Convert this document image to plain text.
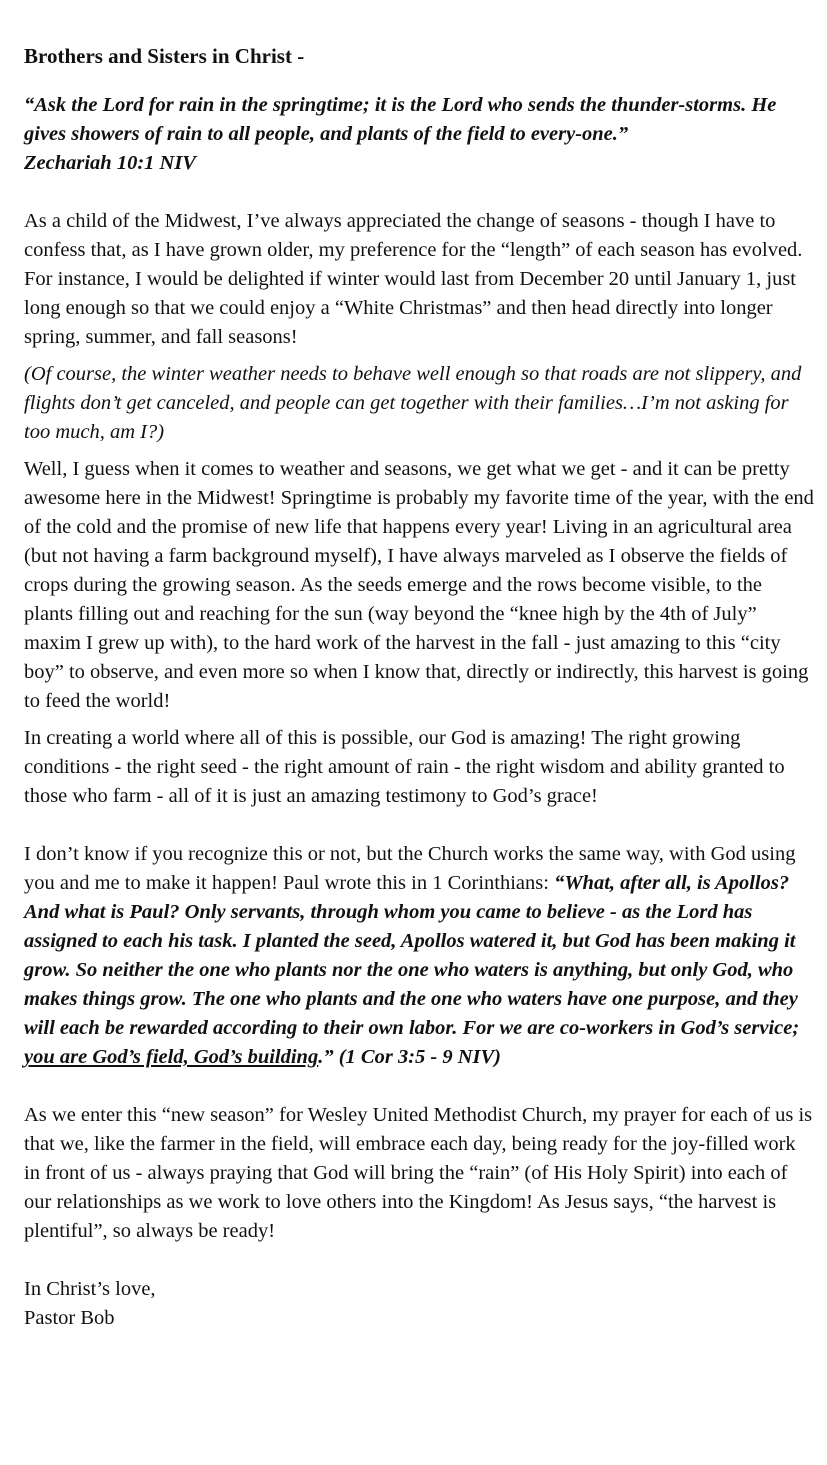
Brothers and Sisters in Christ -

“Ask the Lord for rain in the springtime; it is the Lord who sends the thunder-storms. He gives showers of rain to all people, and plants of the field to every-one.”

Zechariah 10:1 NIV

As a child of the Midwest, I’ve always appreciated the change of seasons - though I have to confess that, as I have grown older, my preference for the “length” of each season has evolved. For instance, I would be delighted if winter would last from December 20 until January 1, just long enough so that we could enjoy a “White Christmas” and then head directly into longer spring, summer, and fall seasons!

(Of course, the winter weather needs to behave well enough so that roads are not slippery, and flights don’t get canceled, and people can get together with their families…I’m not asking for too much, am I?)

Well, I guess when it comes to weather and seasons, we get what we get - and it can be pretty awesome here in the Midwest! Springtime is probably my favorite time of the year, with the end of the cold and the promise of new life that happens every year! Living in an agricultural area (but not having a farm background myself), I have always marveled as I observe the fields of crops during the growing season. As the seeds emerge and the rows become visible, to the plants filling out and reaching for the sun (way beyond the “knee high by the 4th of July” maxim I grew up with), to the hard work of the harvest in the fall - just amazing to this “city boy” to observe, and even more so when I know that, directly or indirectly, this harvest is going to feed the world!

In creating a world where all of this is possible, our God is amazing! The right growing conditions - the right seed - the right amount of rain - the right wisdom and ability granted to those who farm - all of it is just an amazing testimony to God’s grace!

I don’t know if you recognize this or not, but the Church works the same way, with God using you and me to make it happen! Paul wrote this in 1 Corinthians: “What, after all, is Apollos? And what is Paul? Only servants, through whom you came to believe - as the Lord has assigned to each his task. I planted the seed, Apollos watered it, but God has been making it grow. So neither the one who plants nor the one who waters is anything, but only God, who makes things grow. The one who plants and the one who waters have one purpose, and they will each be rewarded according to their own labor. For we are co-workers in God’s service; you are God’s field, God’s building.” (1 Cor 3:5 - 9 NIV)

As we enter this “new season” for Wesley United Methodist Church, my prayer for each of us is that we, like the farmer in the field, will embrace each day, being ready for the joy-filled work in front of us - always praying that God will bring the “rain” (of His Holy Spirit) into each of our relationships as we work to love others into the Kingdom! As Jesus says, “the harvest is plentiful”, so always be ready!

In Christ’s love,

Pastor Bob
